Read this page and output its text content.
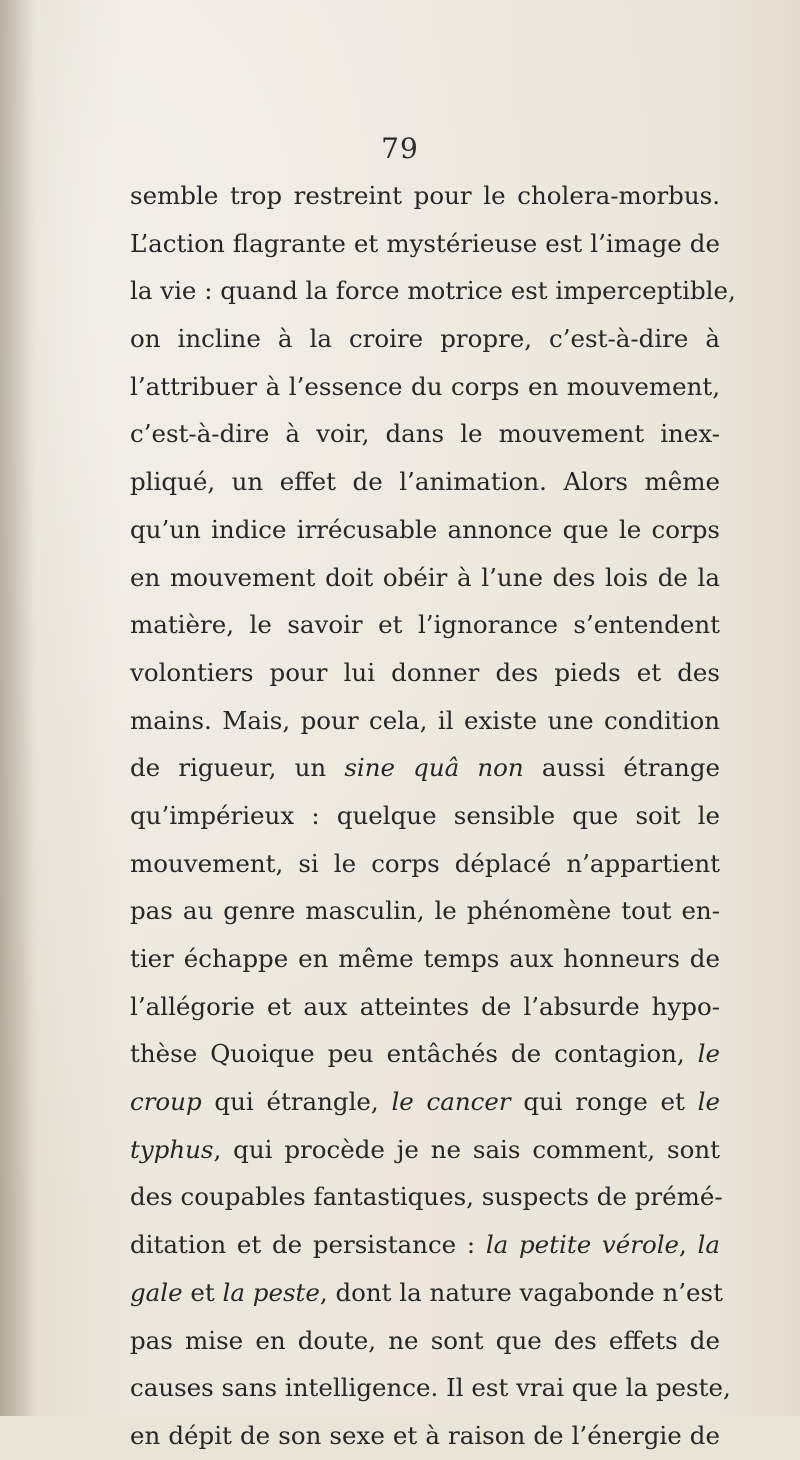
79
semble trop restreint pour le cholera-morbus.
L’action flagrante et mystérieuse est l’image de
la vie : quand la force motrice est imperceptible,
on incline à la croire propre, c’est-à-dire à
l’attribuer à l’essence du corps en mouvement,
c’est-à-dire à voir, dans le mouvement inex-
pliqué, un effet de l’animation. Alors même
qu’un indice irrécusable annonce que le corps
en mouvement doit obéir à l’une des lois de la
matière, le savoir et l’ignorance s’entendent
volontiers pour lui donner des pieds et des
mains. Mais, pour cela, il existe une condition
de rigueur, un sine quâ non aussi étrange
qu’impérieux : quelque sensible que soit le
mouvement, si le corps déplacé n’appartient
pas au genre masculin, le phénomène tout en-
tier échappe en même temps aux honneurs de
l’allégorie et aux atteintes de l’absurde hypo-
thèse Quoique peu entâchés de contagion, le
croup qui étrangle, le cancer qui ronge et le
typhus, qui procède je ne sais comment, sont
des coupables fantastiques, suspects de prémé-
ditation et de persistance : la petite vérole, la
gale et la peste, dont la nature vagabonde n’est
pas mise en doute, ne sont que des effets de
causes sans intelligence. Il est vrai que la peste,
en dépit de son sexe et à raison de l’énergie de
